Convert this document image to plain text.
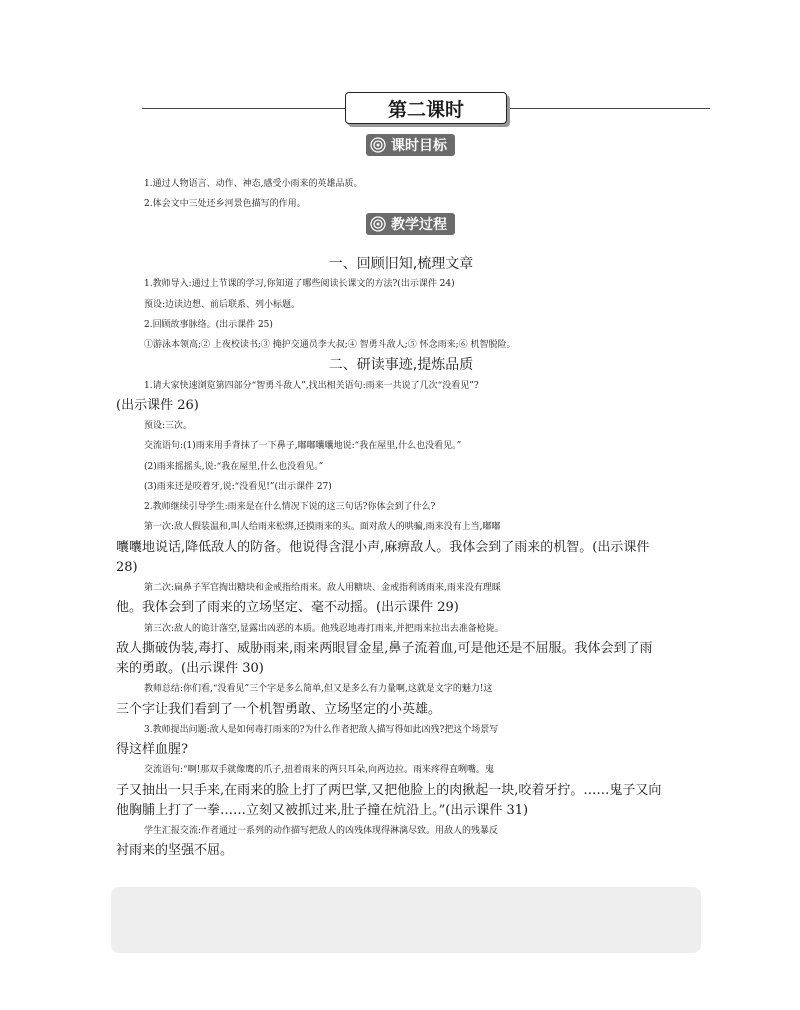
第二课时
课时目标
1.通过人物语言、动作、神态,感受小雨来的英雄品质。
2.体会文中三处还乡河景色描写的作用。
教学过程
一、回顾旧知,梳理文章
1.教师导入:通过上节课的学习,你知道了哪些阅读长课文的方法?(出示课件 24)
预设:边读边想、前后联系、列小标题。
2.回顾故事脉络。(出示课件 25)
①游泳本领高;② 上夜校读书;③ 掩护交通员李大叔;④ 智勇斗敌人;⑤ 怀念雨来;⑥ 机智脱险。
二、研读事迹,提炼品质
1.请大家快速浏览第四部分“智勇斗敌人”,找出相关语句:雨来一共说了几次“没看见”?
(出示课件 26)
预设:三次。
交流语句:(1)雨来用手背抹了一下鼻子,嘟嘟囔囔地说:“我在屋里,什么也没看见。”
(2)雨来摇摇头,说:“我在屋里,什么也没看见。”
(3)雨来还是咬着牙,说:“没看见!”(出示课件 27)
2.教师继续引导学生:雨来是在什么情况下说的这三句话?你体会到了什么?
第一次:敌人假装温和,叫人给雨来松绑,还摸雨来的头。面对敌人的哄骗,雨来没有上当,嘟嘟
囔囔地说话,降低敌人的防备。他说得含混小声,麻痹敌人。我体会到了雨来的机智。(出示课件
28)
第二次:扁鼻子军官掏出糖块和金戒指给雨来。敌人用糖块、金戒指利诱雨来,雨来没有理睬
他。我体会到了雨来的立场坚定、毫不动摇。(出示课件 29)
第三次:敌人的诡计落空,显露出凶恶的本质。他残忍地毒打雨来,并把雨来拉出去准备枪毙。
敌人撕破伪装,毒打、威胁雨来,雨来两眼冒金星,鼻子流着血,可是他还是不屈服。我体会到了雨
来的勇敢。(出示课件 30)
教师总结:你们看,“没看见”三个字是多么简单,但又是多么有力量啊,这就是文字的魅力!这
三个字让我们看到了一个机智勇敢、立场坚定的小英雄。
3.教师提出问题:敌人是如何毒打雨来的?为什么作者把敌人描写得如此凶残?把这个场景写
得这样血腥?
交流语句:“啊!那双手就像鹰的爪子,扭着雨来的两只耳朵,向两边拉。雨来疼得直咧嘴。鬼
子又抽出一只手来,在雨来的脸上打了两巴掌,又把他脸上的肉揪起一块,咬着牙拧。……鬼子又向
他胸脯上打了一拳……立刻又被抓过来,肚子撞在炕沿上。”(出示课件 31)
学生汇报交流:作者通过一系列的动作描写把敌人的凶残体现得淋漓尽致。用敌人的残暴反
衬雨来的坚强不屈。
